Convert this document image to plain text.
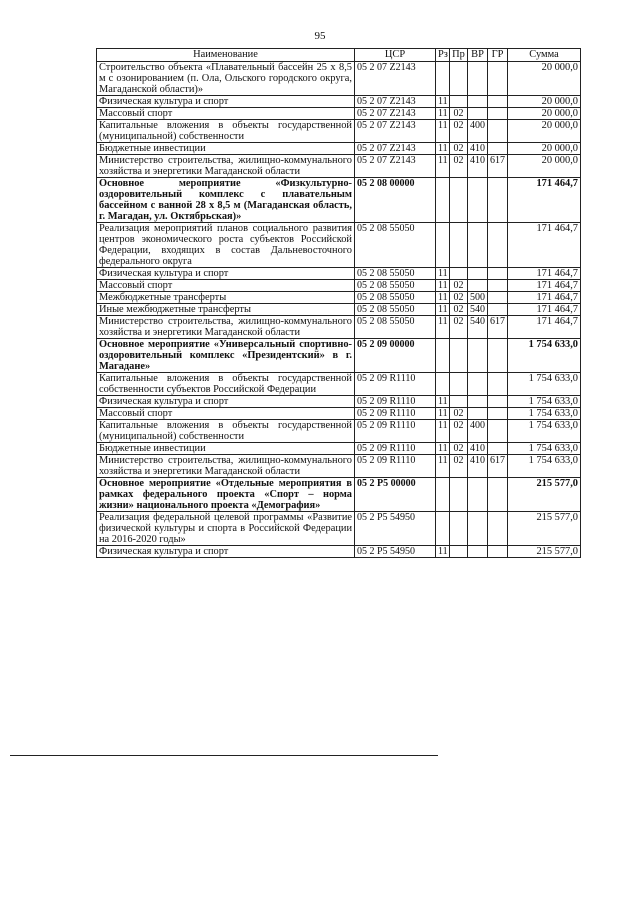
95
Наименование	ЦСР	Рз	Пр	ВР	ГР	Сумма
Строительство объекта «Плавательный бассейн 25 х 8,5 м с озонированием (п. Ола, Ольского городского округа, Магаданской области)»	05 2 07 Z2143					20 000,0
Физическая культура и спорт	05 2 07 Z2143	11				20 000,0
Массовый спорт	05 2 07 Z2143	11	02			20 000,0
Капитальные вложения в объекты государственной (муниципальной) собственности	05 2 07 Z2143	11	02	400		20 000,0
Бюджетные инвестиции	05 2 07 Z2143	11	02	410		20 000,0
Министерство строительства, жилищно-коммунального хозяйства и энергетики Магаданской области	05 2 07 Z2143	11	02	410	617	20 000,0
Основное мероприятие «Физкультурно-оздоровительный комплекс с плавательным бассейном с ванной 28 х 8,5 м (Магаданская область, г. Магадан, ул. Октябрьская)»	05 2 08 00000					171 464,7
Реализация мероприятий планов социального развития центров экономического роста субъектов Российской Федерации, входящих в состав Дальневосточного федерального округа	05 2 08 55050					171 464,7
Физическая культура и спорт	05 2 08 55050	11				171 464,7
Массовый спорт	05 2 08 55050	11	02			171 464,7
Межбюджетные трансферты	05 2 08 55050	11	02	500		171 464,7
Иные межбюджетные трансферты	05 2 08 55050	11	02	540		171 464,7
Министерство строительства, жилищно-коммунального хозяйства и энергетики Магаданской области	05 2 08 55050	11	02	540	617	171 464,7
Основное мероприятие «Универсальный спортивно-оздоровительный комплекс «Президентский» в г. Магадане»	05 2 09 00000					1 754 633,0
Капитальные вложения в объекты государственной собственности субъектов Российской Федерации	05 2 09 R1110					1 754 633,0
Физическая культура и спорт	05 2 09 R1110	11				1 754 633,0
Массовый спорт	05 2 09 R1110	11	02			1 754 633,0
Капитальные вложения в объекты государственной (муниципальной) собственности	05 2 09 R1110	11	02	400		1 754 633,0
Бюджетные инвестиции	05 2 09 R1110	11	02	410		1 754 633,0
Министерство строительства, жилищно-коммунального хозяйства и энергетики Магаданской области	05 2 09 R1110	11	02	410	617	1 754 633,0
Основное мероприятие «Отдельные мероприятия в рамках федерального проекта «Спорт – норма жизни» национального проекта «Демография»	05 2 P5 00000					215 577,0
Реализация федеральной целевой программы «Развитие физической культуры и спорта в Российской Федерации на 2016-2020 годы»	05 2 P5 54950					215 577,0
Физическая культура и спорт	05 2 P5 54950	11				215 577,0
